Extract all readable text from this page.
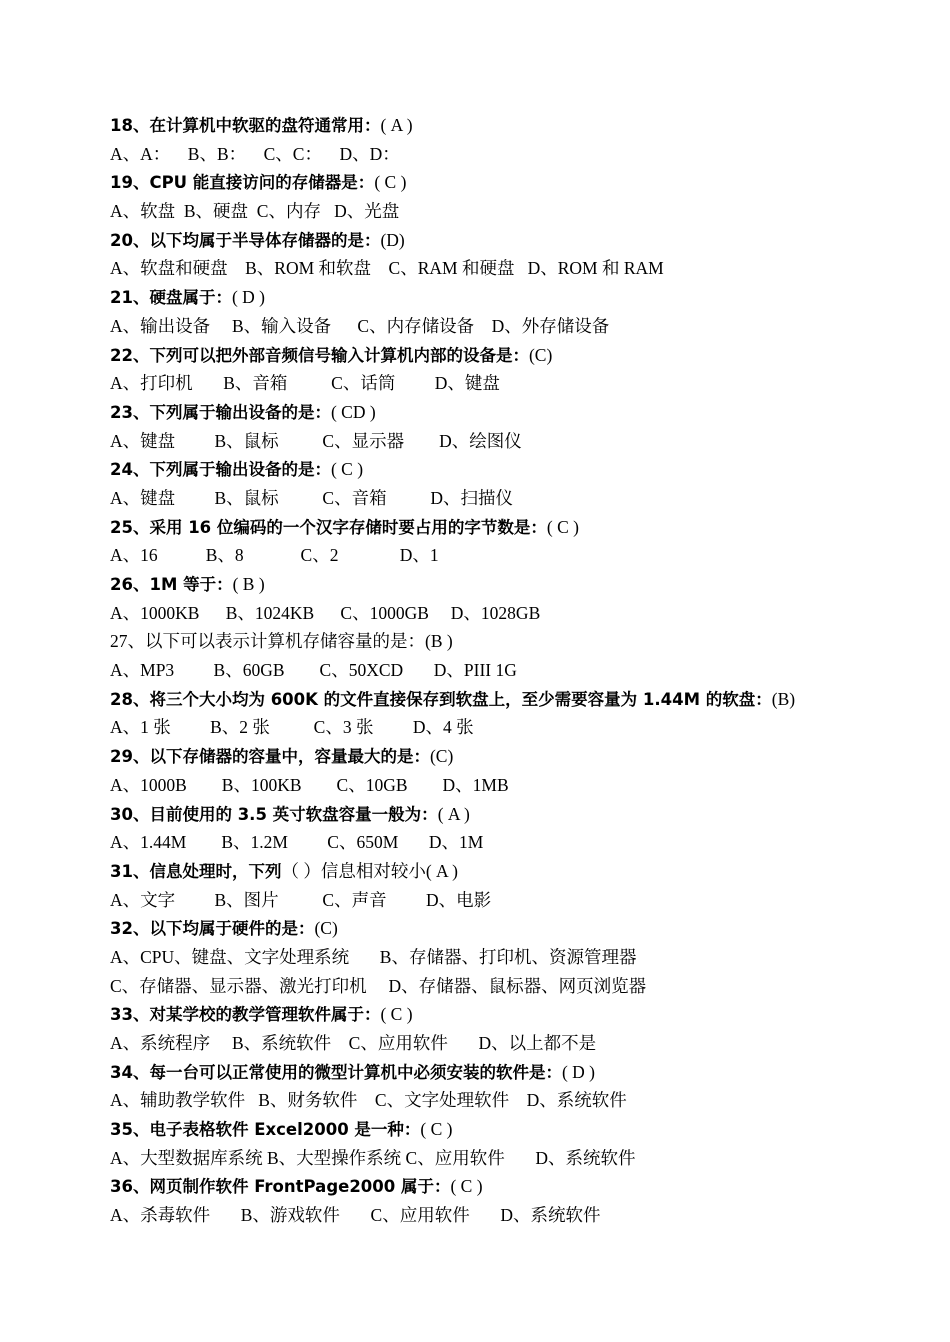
18、在计算机中软驱的盘符通常用：( A )
A、A：    B、B：    C、C：    D、D：
19、CPU 能直接访问的存储器是：( C )
A、软盘  B、硬盘  C、内存   D、光盘
20、以下均属于半导体存储器的是：(D)
A、软盘和硬盘    B、ROM 和软盘    C、RAM 和硬盘   D、ROM 和 RAM
21、硬盘属于：( D )
A、输出设备     B、输入设备      C、内存储设备    D、外存储设备
22、下列可以把外部音频信号输入计算机内部的设备是：(C)
A、打印机       B、音箱          C、话筒         D、键盘
23、下列属于输出设备的是：( CD )
A、键盘         B、鼠标          C、显示器        D、绘图仪
24、下列属于输出设备的是：( C )
A、键盘         B、鼠标          C、音箱          D、扫描仪
25、采用 16 位编码的一个汉字存储时要占用的字节数是：( C )
A、16           B、8             C、2              D、1
26、1M 等于：( B )
A、1000KB      B、1024KB      C、1000GB     D、1028GB
27、以下可以表示计算机存储容量的是：(B )
A、MP3         B、60GB        C、50XCD       D、PIII 1G
28、将三个大小均为 600K 的文件直接保存到软盘上，至少需要容量为 1.44M 的软盘：(B)
A、1 张         B、2 张          C、3 张         D、4 张
29、以下存储器的容量中，容量最大的是：(C)
A、1000B        B、100KB        C、10GB        D、1MB
30、目前使用的 3.5 英寸软盘容量一般为：( A )
A、1.44M        B、1.2M         C、650M       D、1M
31、信息处理时，下列（ ）信息相对较小( A )
A、文字         B、图片          C、声音         D、电影
32、以下均属于硬件的是：(C)
A、CPU、键盘、文字处理系统       B、存储器、打印机、资源管理器
C、存储器、显示器、激光打印机     D、存储器、鼠标器、网页浏览器
33、对某学校的教学管理软件属于：( C )
A、系统程序     B、系统软件    C、应用软件       D、以上都不是
34、每一台可以正常使用的微型计算机中必须安装的软件是：( D )
A、辅助教学软件   B、财务软件    C、文字处理软件    D、系统软件
35、电子表格软件 Excel2000 是一种：( C )
A、大型数据库系统 B、大型操作系统 C、应用软件       D、系统软件
36、网页制作软件 FrontPage2000 属于：( C )
A、杀毒软件       B、游戏软件       C、应用软件       D、系统软件
